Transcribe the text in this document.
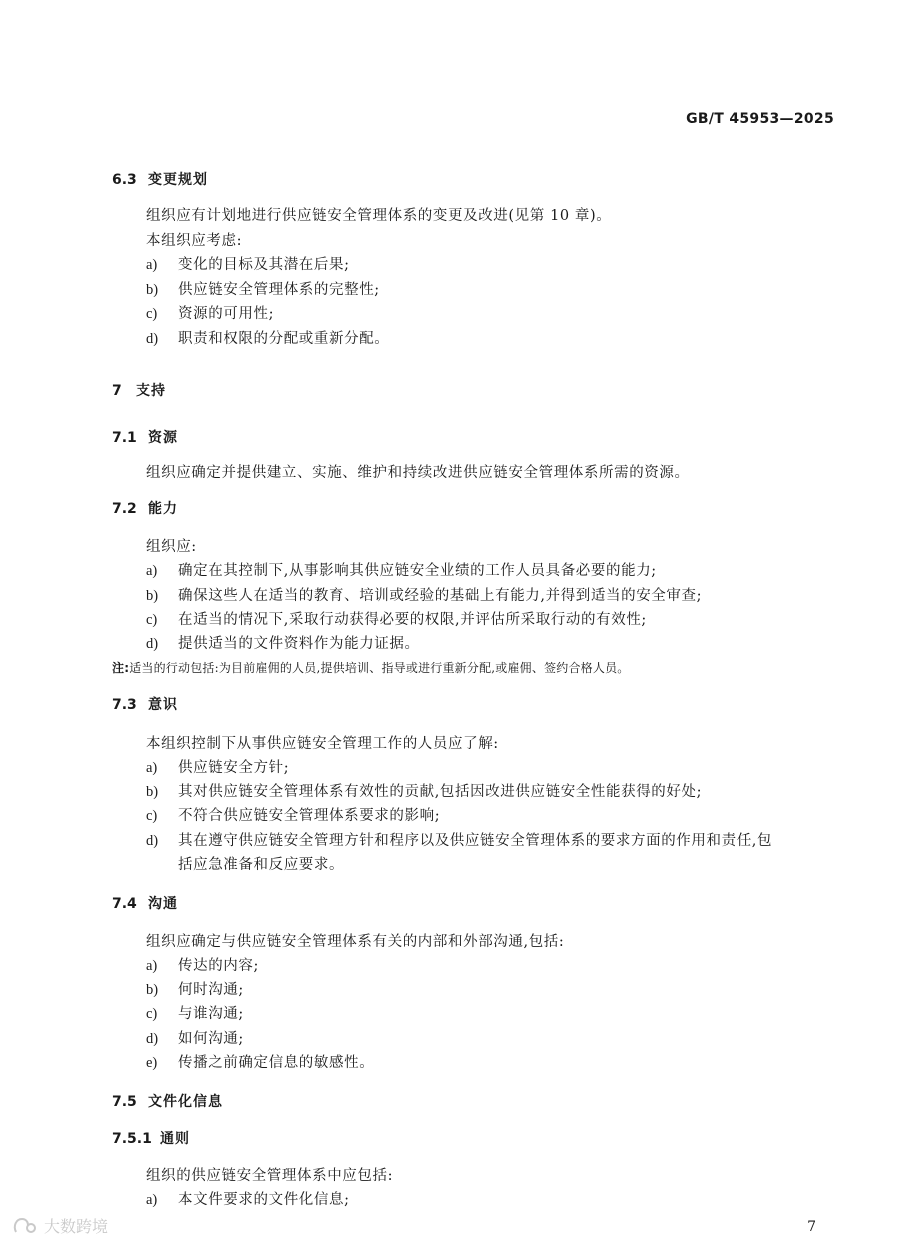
GB/T 45953—2025
6.3 变更规划
组织应有计划地进行供应链安全管理体系的变更及改进(见第 10 章)。
本组织应考虑:
a) 变化的目标及其潜在后果;
b) 供应链安全管理体系的完整性;
c) 资源的可用性;
d) 职责和权限的分配或重新分配。
7 支持
7.1 资源
组织应确定并提供建立、实施、维护和持续改进供应链安全管理体系所需的资源。
7.2 能力
组织应:
a) 确定在其控制下,从事影响其供应链安全业绩的工作人员具备必要的能力;
b) 确保这些人在适当的教育、培训或经验的基础上有能力,并得到适当的安全审查;
c) 在适当的情况下,采取行动获得必要的权限,并评估所采取行动的有效性;
d) 提供适当的文件资料作为能力证据。
注:适当的行动包括:为目前雇佣的人员,提供培训、指导或进行重新分配,或雇佣、签约合格人员。
7.3 意识
本组织控制下从事供应链安全管理工作的人员应了解:
a) 供应链安全方针;
b) 其对供应链安全管理体系有效性的贡献,包括因改进供应链安全性能获得的好处;
c) 不符合供应链安全管理体系要求的影响;
d) 其在遵守供应链安全管理方针和程序以及供应链安全管理体系的要求方面的作用和责任,包
括应急准备和反应要求。
7.4 沟通
组织应确定与供应链安全管理体系有关的内部和外部沟通,包括:
a) 传达的内容;
b) 何时沟通;
c) 与谁沟通;
d) 如何沟通;
e) 传播之前确定信息的敏感性。
7.5 文件化信息
7.5.1 通则
组织的供应链安全管理体系中应包括:
a) 本文件要求的文件化信息;
大数跨境	7
